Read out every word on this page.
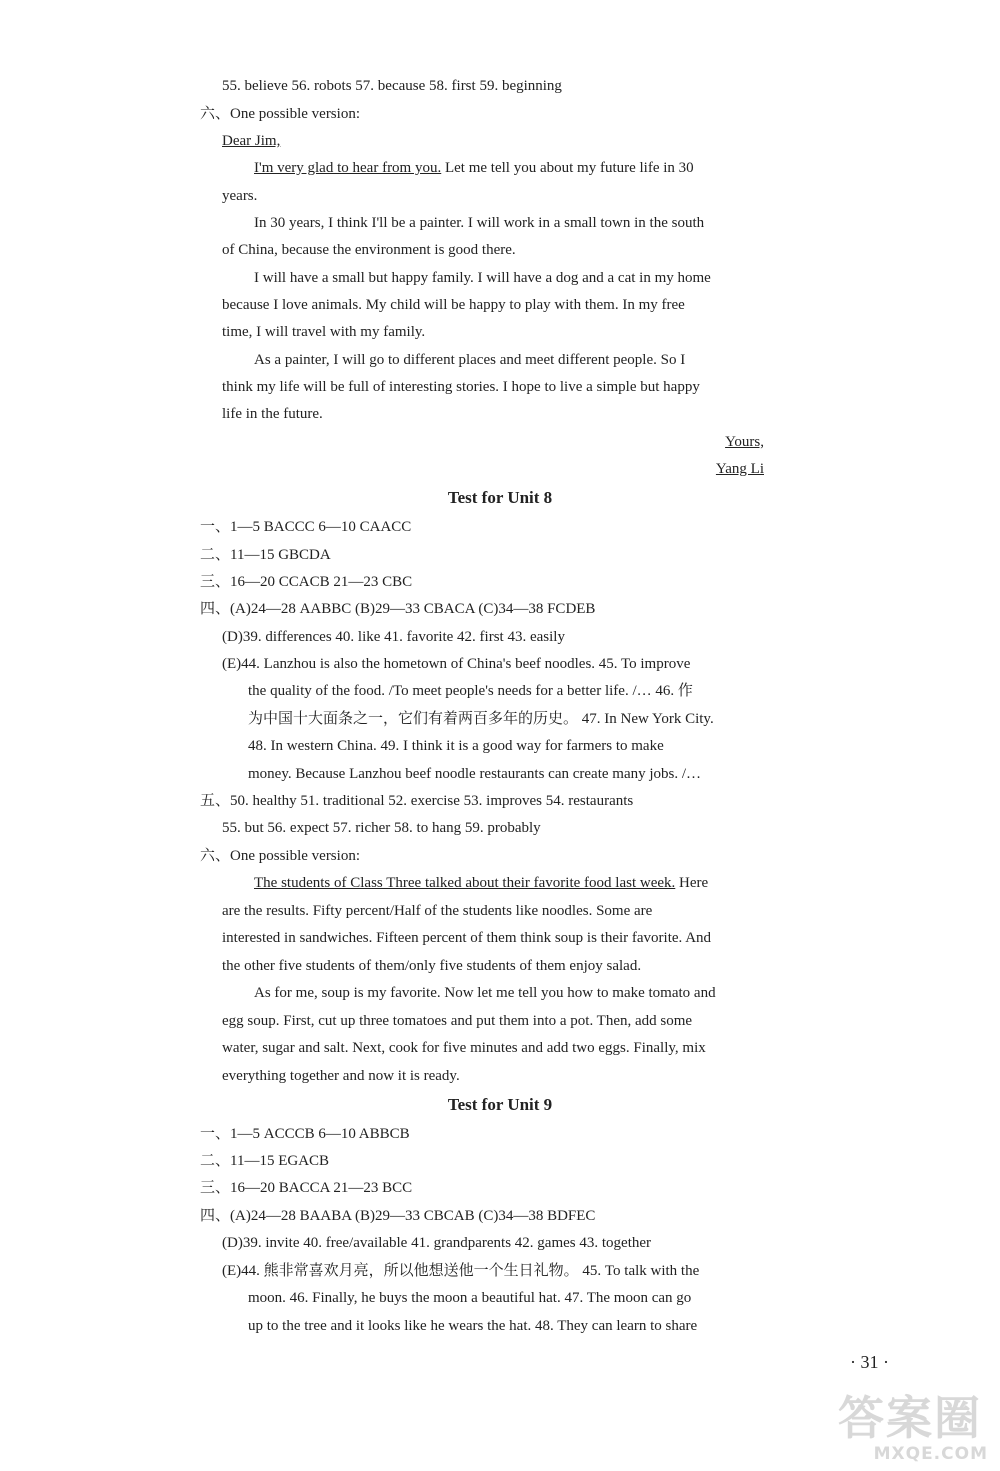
55. believe 56. robots 57. because 58. first 59. beginning
六、One possible version:
Dear Jim,
I'm very glad to hear from you. Let me tell you about my future life in 30
years.
In 30 years, I think I'll be a painter. I will work in a small town in the south
of China, because the environment is good there.
I will have a small but happy family. I will have a dog and a cat in my home
because I love animals. My child will be happy to play with them. In my free
time, I will travel with my family.
As a painter, I will go to different places and meet different people. So I
think my life will be full of interesting stories. I hope to live a simple but happy
life in the future.
Yours,
Yang Li
Test for Unit 8
一、1—5 BACCC 6—10 CAACC
二、11—15 GBCDA
三、16—20 CCACB 21—23 CBC
四、(A)24—28 AABBC (B)29—33 CBACA (C)34—38 FCDEB
(D)39. differences 40. like 41. favorite 42. first 43. easily
(E)44. Lanzhou is also the hometown of China's beef noodles. 45. To improve
the quality of the food. /To meet people's needs for a better life. /… 46. 作
为中国十大面条之一，它们有着两百多年的历史。 47. In New York City.
48. In western China. 49. I think it is a good way for farmers to make
money. Because Lanzhou beef noodle restaurants can create many jobs. /…
五、50. healthy 51. traditional 52. exercise 53. improves 54. restaurants
55. but 56. expect 57. richer 58. to hang 59. probably
六、One possible version:
The students of Class Three talked about their favorite food last week. Here
are the results. Fifty percent/Half of the students like noodles. Some are
interested in sandwiches. Fifteen percent of them think soup is their favorite. And
the other five students of them/only five students of them enjoy salad.
As for me, soup is my favorite. Now let me tell you how to make tomato and
egg soup. First, cut up three tomatoes and put them into a pot. Then, add some
water, sugar and salt. Next, cook for five minutes and add two eggs. Finally, mix
everything together and now it is ready.
Test for Unit 9
一、1—5 ACCCB 6—10 ABBCB
二、11—15 EGACB
三、16—20 BACCA 21—23 BCC
四、(A)24—28 BAABA (B)29—33 CBCAB (C)34—38 BDFEC
(D)39. invite 40. free/available 41. grandparents 42. games 43. together
(E)44. 熊非常喜欢月亮，所以他想送他一个生日礼物。 45. To talk with the
moon. 46. Finally, he buys the moon a beautiful hat. 47. The moon can go
up to the tree and it looks like he wears the hat. 48. They can learn to share
· 31 ·
答案圈
MXQE.COM
